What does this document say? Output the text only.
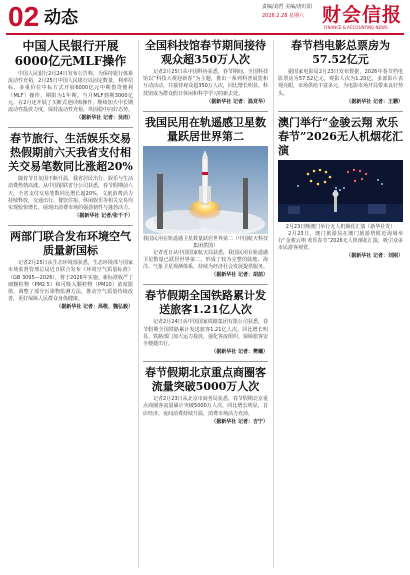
02 动态
责编/刘哲 美编/唐红阳
2026.2.28 星期六 财会信报
FINANCE & ACCOUNTING NEWS
中国人民银行开展6000亿元MLF操作

中国人民银行2月24日发布公告称，为保持银行体系流动性充裕，2月25日中国人民银行以固定数量、利率招标、多重价位中标方式开展6000亿元中期借贷便利（MLF）操作，期限为1年期。当月MLF到期3000亿元，在2月还开展了买断式逆回购操作，继续加大中长期流动性投放力度，保持流动性充裕，巩固稳中向好态势。

（据新华社 记者：吴雨）
春节旅行、生活娱乐交易热假期前六天我省支付相关交易笔数同比涨超20%

随着节日氛围不断升温，我省居民出行、娱乐与生活消费热情高涨。从中国银联省分公司获悉，春节假期前六天，全省支付交易笔数同比增长超20%，文旅消费活力持续释放，交通出行、餐饮住宿、休闲娱乐等相关交易均实现较快增长，展现出消费市场的强劲韧性与蓬勃活力。

（据新华社 记者/张千千）
两部门联合发布环境空气质量新国标

记者2月25日从生态环境部获悉，生态环境部与国家市场监督管理总局近日联合发布《环境空气质量标准》（GB 3095—2026），将于2026年实施。新标准收严了细颗粒物（PM2.5）和可吸入颗粒物（PM10）浓度限值，调整了部分污染物监测方法，推动空气质量持续改善，更好保障人民群众身体健康。

（据新华社 记者：高敬、魏弘毅）
全国科技馆春节期间接待观众超350万人次

记者2月25日从中国科协获悉，春节期间，全国科技馆以“科技大观迎新春”为主题，推出一系列科普展览和互动活动，共接待观众超350万人次，同比增长明显。科技馆成为群众假日休闲和科学学习的新去处。

（据新华社 记者：温竞华）
我国民用在轨遥感卫星数量跃居世界第二
我国民用在轨遥感卫星数量跃居世界第二（中国航天科技集团供图）

记者近日从中国国家航天局获悉，我国民用在轨遥感卫星数量已跃居世界第二，形成了较为完整的陆地、海洋、气象卫星观测体系，持续为经济社会发展提供服务。

（据新华社 记者：胡喆）
春节假期全国铁路累计发送旅客1.21亿人次

记者2月24日从中国国家铁路集团有限公司获悉，春节假期全国铁路累计发送旅客1.21亿人次，同比增长明显。铁路部门加大运力投放，强化客流组织，保障旅客安全便捷出行。

（据新华社 记者：樊曦）
春节假期北京重点商圈客流量突破5000万人次

记者2月23日从北京市商务局获悉，春节假期北京重点商圈客流量累计突破5000万人次，同比增长明显，首店经济、夜间消费持续升温，消费市场活力充沛。

（据新华社 记者：吉宁）
春节档电影总票房为57.52亿元

据国家电影局2月23日发布数据，2026年春节档电影票房为57.52亿元，观影人次为1.20亿，多部影片表现亮眼，市场供给丰富多元，为电影市场开局带来良好势头。

（据新华社 记者：王鹏）
澳门举行“金骏云翔 欢乐春节”2026无人机烟花汇演
2月23日晚澳门举行无人机烟花汇演（新华社发）

2月23日，澳门旅游局在澳门旅游塔附近海域举行“金骏云翔 欢乐春节”2026无人机烟花汇演，吸引众多市民游客观赏。

（据新华社 记者：刘刚）
